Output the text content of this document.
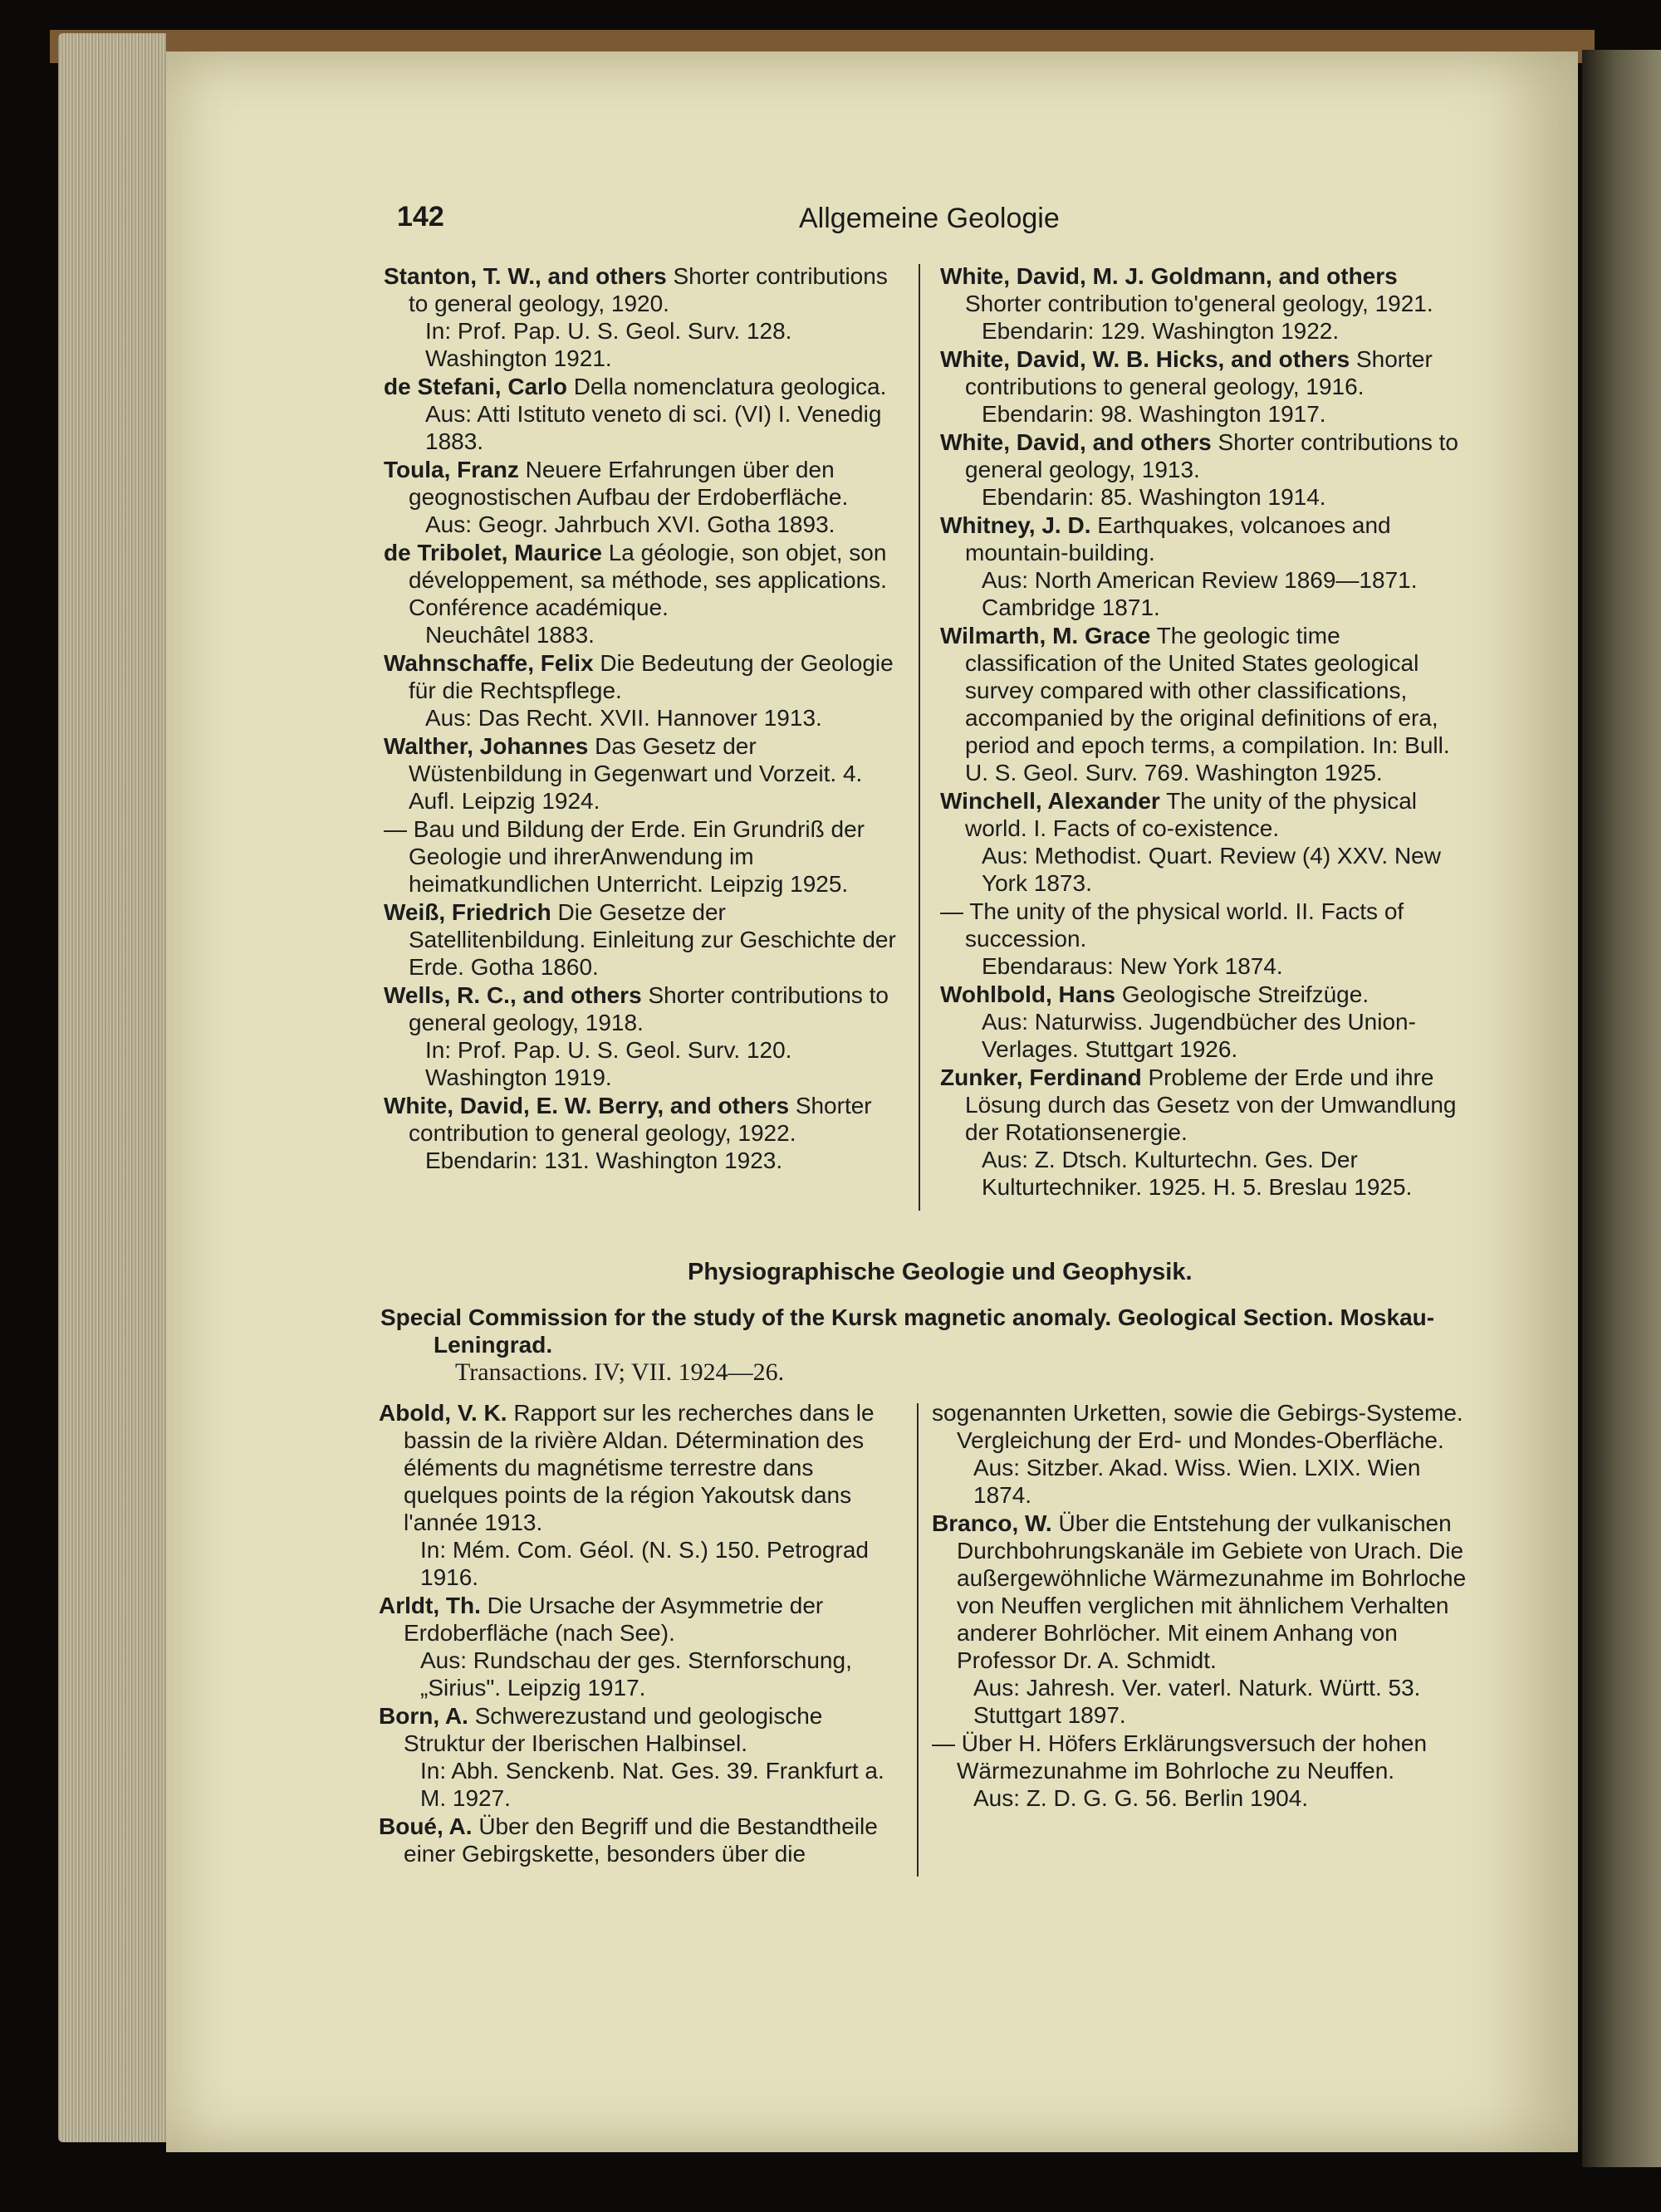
142	Allgemeine Geologie
Stanton, T. W., and others Shorter contributions to general geology, 1920.
In: Prof. Pap. U. S. Geol. Surv. 128. Washington 1921.
de Stefani, Carlo Della nomenclatura geologica.
Aus: Atti Istituto veneto di sci. (VI) I. Venedig 1883.
Toula, Franz Neuere Erfahrungen über den geognostischen Aufbau der Erdoberfläche.
Aus: Geogr. Jahrbuch XVI. Gotha 1893.
de Tribolet, Maurice La géologie, son objet, son développement, sa méthode, ses applications. Conférence académique.
Neuchâtel 1883.
Wahnschaffe, Felix Die Bedeutung der Geologie für die Rechtspflege.
Aus: Das Recht. XVII. Hannover 1913.
Walther, Johannes Das Gesetz der Wüstenbildung in Gegenwart und Vorzeit. 4. Aufl. Leipzig 1924.
— Bau und Bildung der Erde. Ein Grundriß der Geologie und ihrerAnwendung im heimatkundlichen Unterricht. Leipzig 1925.
Weiß, Friedrich Die Gesetze der Satellitenbildung. Einleitung zur Geschichte der Erde. Gotha 1860.
Wells, R. C., and others Shorter contributions to general geology, 1918.
In: Prof. Pap. U. S. Geol. Surv. 120. Washington 1919.
White, David, E. W. Berry, and others Shorter contribution to general geology, 1922.
Ebendarin: 131. Washington 1923.
White, David, M. J. Goldmann, and others Shorter contribution to'general geology, 1921.
Ebendarin: 129. Washington 1922.
White, David, W. B. Hicks, and others Shorter contributions to general geology, 1916.
Ebendarin: 98. Washington 1917.
White, David, and others Shorter contributions to general geology, 1913.
Ebendarin: 85. Washington 1914.
Whitney, J. D. Earthquakes, volcanoes and mountain-building.
Aus: North American Review 1869—1871. Cambridge 1871.
Wilmarth, M. Grace The geologic time classification of the United States geological survey compared with other classifications, accompanied by the original definitions of era, period and epoch terms, a compilation. In: Bull. U. S. Geol. Surv. 769. Washington 1925.
Winchell, Alexander The unity of the physical world. I. Facts of co-existence.
Aus: Methodist. Quart. Review (4) XXV. New York 1873.
— The unity of the physical world. II. Facts of succession.
Ebendaraus: New York 1874.
Wohlbold, Hans Geologische Streifzüge.
Aus: Naturwiss. Jugendbücher des Union-Verlages. Stuttgart 1926.
Zunker, Ferdinand Probleme der Erde und ihre Lösung durch das Gesetz von der Umwandlung der Rotationsenergie.
Aus: Z. Dtsch. Kulturtechn. Ges. Der Kulturtechniker. 1925. H. 5. Breslau 1925.
Physiographische Geologie und Geophysik.
Special Commission for the study of the Kursk magnetic anomaly. Geological Section. Moskau-Leningrad.
Transactions. IV; VII. 1924—26.
Abold, V. K. Rapport sur les recherches dans le bassin de la rivière Aldan. Détermination des éléments du magnétisme terrestre dans quelques points de la région Yakoutsk dans l'année 1913.
In: Mém. Com. Géol. (N. S.) 150. Petrograd 1916.
Arldt, Th. Die Ursache der Asymmetrie der Erdoberfläche (nach See).
Aus: Rundschau der ges. Sternforschung, „Sirius". Leipzig 1917.
Born, A. Schwerezustand und geologische Struktur der Iberischen Halbinsel.
In: Abh. Senckenb. Nat. Ges. 39. Frankfurt a. M. 1927.
Boué, A. Über den Begriff und die Bestandtheile einer Gebirgskette, besonders über die
sogenannten Urketten, sowie die Gebirgs-Systeme. Vergleichung der Erd- und Mondes-Oberfläche.
Aus: Sitzber. Akad. Wiss. Wien. LXIX. Wien 1874.
Branco, W. Über die Entstehung der vulkanischen Durchbohrungskanäle im Gebiete von Urach. Die außergewöhnliche Wärmezunahme im Bohrloche von Neuffen verglichen mit ähnlichem Verhalten anderer Bohrlöcher. Mit einem Anhang von Professor Dr. A. Schmidt.
Aus: Jahresh. Ver. vaterl. Naturk. Württ. 53. Stuttgart 1897.
— Über H. Höfers Erklärungsversuch der hohen Wärmezunahme im Bohrloche zu Neuffen.
Aus: Z. D. G. G. 56. Berlin 1904.
